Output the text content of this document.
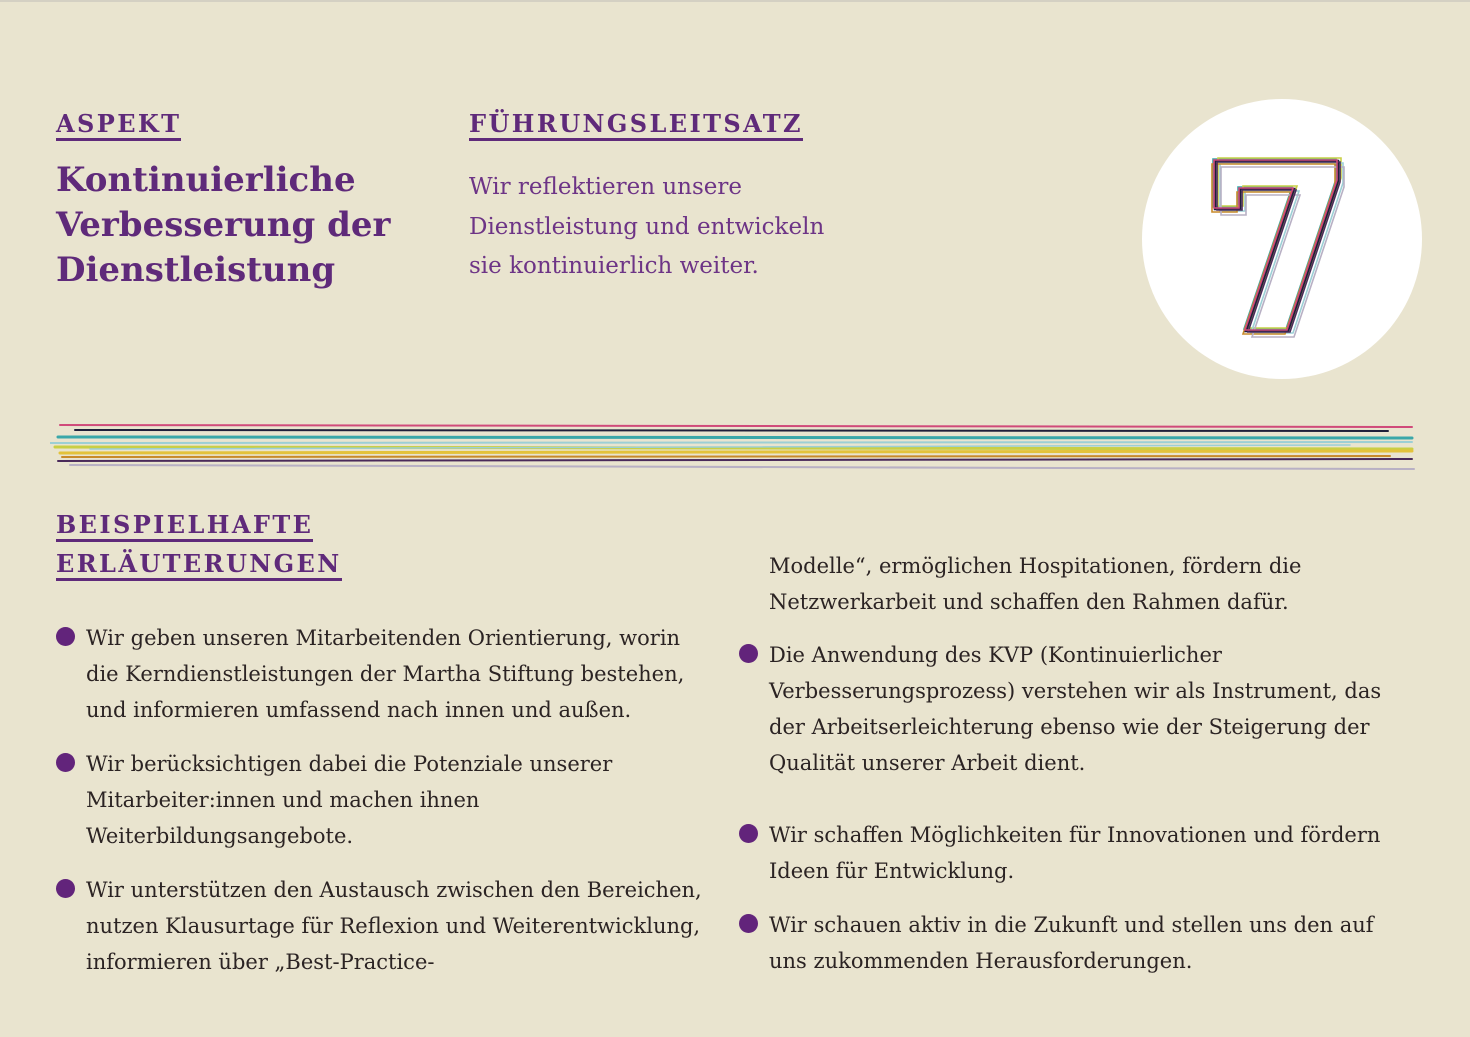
ASPEKT
Kontinuierliche
Verbesserung der
Dienstleistung
FÜHRUNGSLEITSATZ

Wir reflektieren unsere
Dienstleistung und entwickeln
sie kontinuierlich weiter.	7
BEISPIELHAFTE
ERLÄUTERUNGEN
Wir geben unseren Mitarbeitenden Orientierung, worin die Kerndienstleistungen der Martha Stiftung bestehen, und informieren umfassend nach innen und außen.
Wir berücksichtigen dabei die Potenziale unserer Mitarbeiter:innen und machen ihnen Weiterbildungsangebote.
Wir unterstützen den Austausch zwischen den Bereichen, nutzen Klausurtage für Reflexion und Weiterentwicklung, informieren über „Best-Practice-

Modelle“, ermöglichen Hospitationen, fördern die Netzwerkarbeit und schaffen den Rahmen dafür.

Die Anwendung des KVP (Kontinuierlicher Verbesserungsprozess) verstehen wir als Instrument, das der Arbeitserleichterung ebenso wie der Steigerung der Qualität unserer Arbeit dient.
Wir schaffen Möglichkeiten für Innovationen und fördern Ideen für Entwicklung.
Wir schauen aktiv in die Zukunft und stellen uns den auf uns zukommenden Herausforderungen.
